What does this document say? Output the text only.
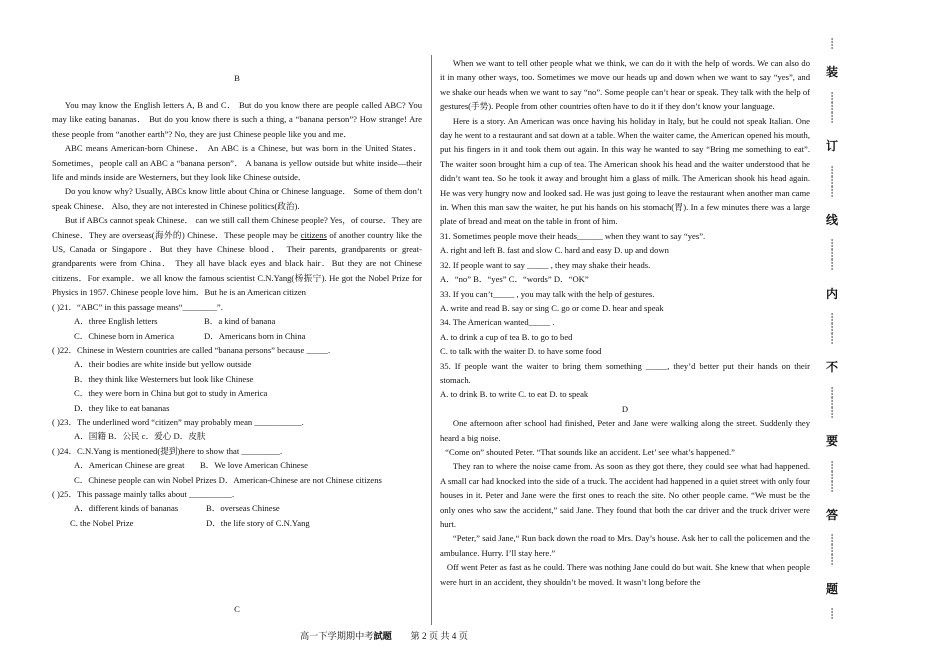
B

You may know the English letters A, B and C． But do you know there are people called ABC? You may like eating bananas． But do you know there is such a thing, a “banana person”? How strange! Are these people from “another earth”? No, they are just Chinese people like you and me．

ABC means American-born Chinese． An ABC is a Chinese, but was born in the United States． Sometimes，people call an ABC a “banana person”． A banana is yellow outside but white inside—their life and minds inside are Westerners, but they look like Chinese outside．

Do you know why? Usually, ABCs know little about China or Chinese language． Some of them don’t speak Chinese． Also, they are not interested in Chinese politics(政治).

But if ABCs cannot speak Chinese． can we still call them Chinese people? Yes，of course．They are Chinese．They are overseas(海外的) Chinese．These people may be citizens of another country like the US, Canada or Singapore．But they have Chinese blood． Their parents, grandparents or great-grandparents were from China． They all have black eyes and black hair．But they are not Chinese citizens．For example．we all know the famous scientist C.N.Yang(杨振宁). He got the Nobel Prize for Physics in 1957. Chinese people love him．But he is an American citizen

( )21．“ABC” in this passage means“________”.

A．three English letters	B．a kind of banana

C．Chinese born in America	D．Americans born in China

( )22．Chinese in Western countries are called “banana persons” because _____.

A．their bodies are white inside but yellow outside

B．they think like Westerners but look like Chinese

C．they were born in China but got to study in America

D．they like to eat bananas

( )23．The underlined word “citizen” may probably mean ___________.

A．国籍 B．公民 c．爱心 D．皮肤

( )24．C.N.Yang is mentioned(提到)here to show that _________.

A．American Chinese are great B．We love American Chinese

C．Chinese people can win Nobel Prizes D．American-Chinese are not Chinese citizens

( )25．This passage mainly talks about __________.

A．different kinds of bananas	B．overseas Chinese

C. the Nobel Prize	D．the life story of C.N.Yang

C

When we want to tell other people what we think, we can do it with the help of words. We can also do it in many other ways, too. Sometimes we move our heads up and down when we want to say “yes”, and we shake our heads when we want to say “no”. Some people can’t hear or speak. They talk with the help of gestures(手势). People from other countries often have to do it if they don’t know your language.

Here is a story. An American was once having his holiday in Italy, but he could not speak Italian. One day he went to a restaurant and sat down at a table. When the waiter came, the American opened his mouth, put his fingers in it and took them out again. In this way he wanted to say “Bring me something to eat”. The waiter soon brought him a cup of tea. The American shook his head and the waiter understood that he didn’t want tea. So he took it away and brought him a glass of milk. The American shook his head again. He was very hungry now and looked sad. He was just going to leave the restaurant when another man came in. When this man saw the waiter, he put his hands on his stomach(胃). In a few minutes there was a large plate of bread and meat on the table in front of him.

31. Sometimes people move their heads______ when they want to say “yes”.

A. right and left B. fast and slow C. hard and easy D. up and down

32. If people want to say _____ , they may shake their heads.

A．“no” B．“yes” C．“words” D．“OK”

33. If you can’t_____ , you may talk with the help of gestures.

A. write and read B. say or sing C. go or come D. hear and speak

34. The American wanted_____ .

A. to drink a cup of tea B. to go to bed

C. to talk with the waiter D. to have some food

35. If people want the waiter to bring them something _____, they’d better put their hands on their stomach.

A. to drink B. to write C. to eat D. to speak

D

One afternoon after school had finished, Peter and Jane were walking along the street. Suddenly they heard a big noise.

“Come on” shouted Peter. “That sounds like an accident. Let’ see what’s happened.”

They ran to where the noise came from. As soon as they got there, they could see what had happened. A small car had knocked into the side of a truck. The accident had happened in a quiet street with only four houses in it. Peter and Jane were the first ones to reach the site. No other people came. “We must be the only ones who saw the accident,” said Jane. They found that both the car driver and the truck driver were hurt.

“Peter,” said Jane,“ Run back down the road to Mrs. Day’s house. Ask her to call the policemen and the ambulance. Hurry. I’ll stay here.”

Off went Peter as fast as he could. There was nothing Jane could do but wait. She knew that when people were hurt in an accident, they shouldn’t be moved. It wasn’t long before the

高一下学期期中考試题 第 2 页 共 4 页
┊
装
┊
┊
┊
订
┊
┊
┊
线
┊
┊
┊
内
┊
┊
┊
不
┊
┊
┊
要
┊
┊
┊
答
┊
┊
┊
题
┊
